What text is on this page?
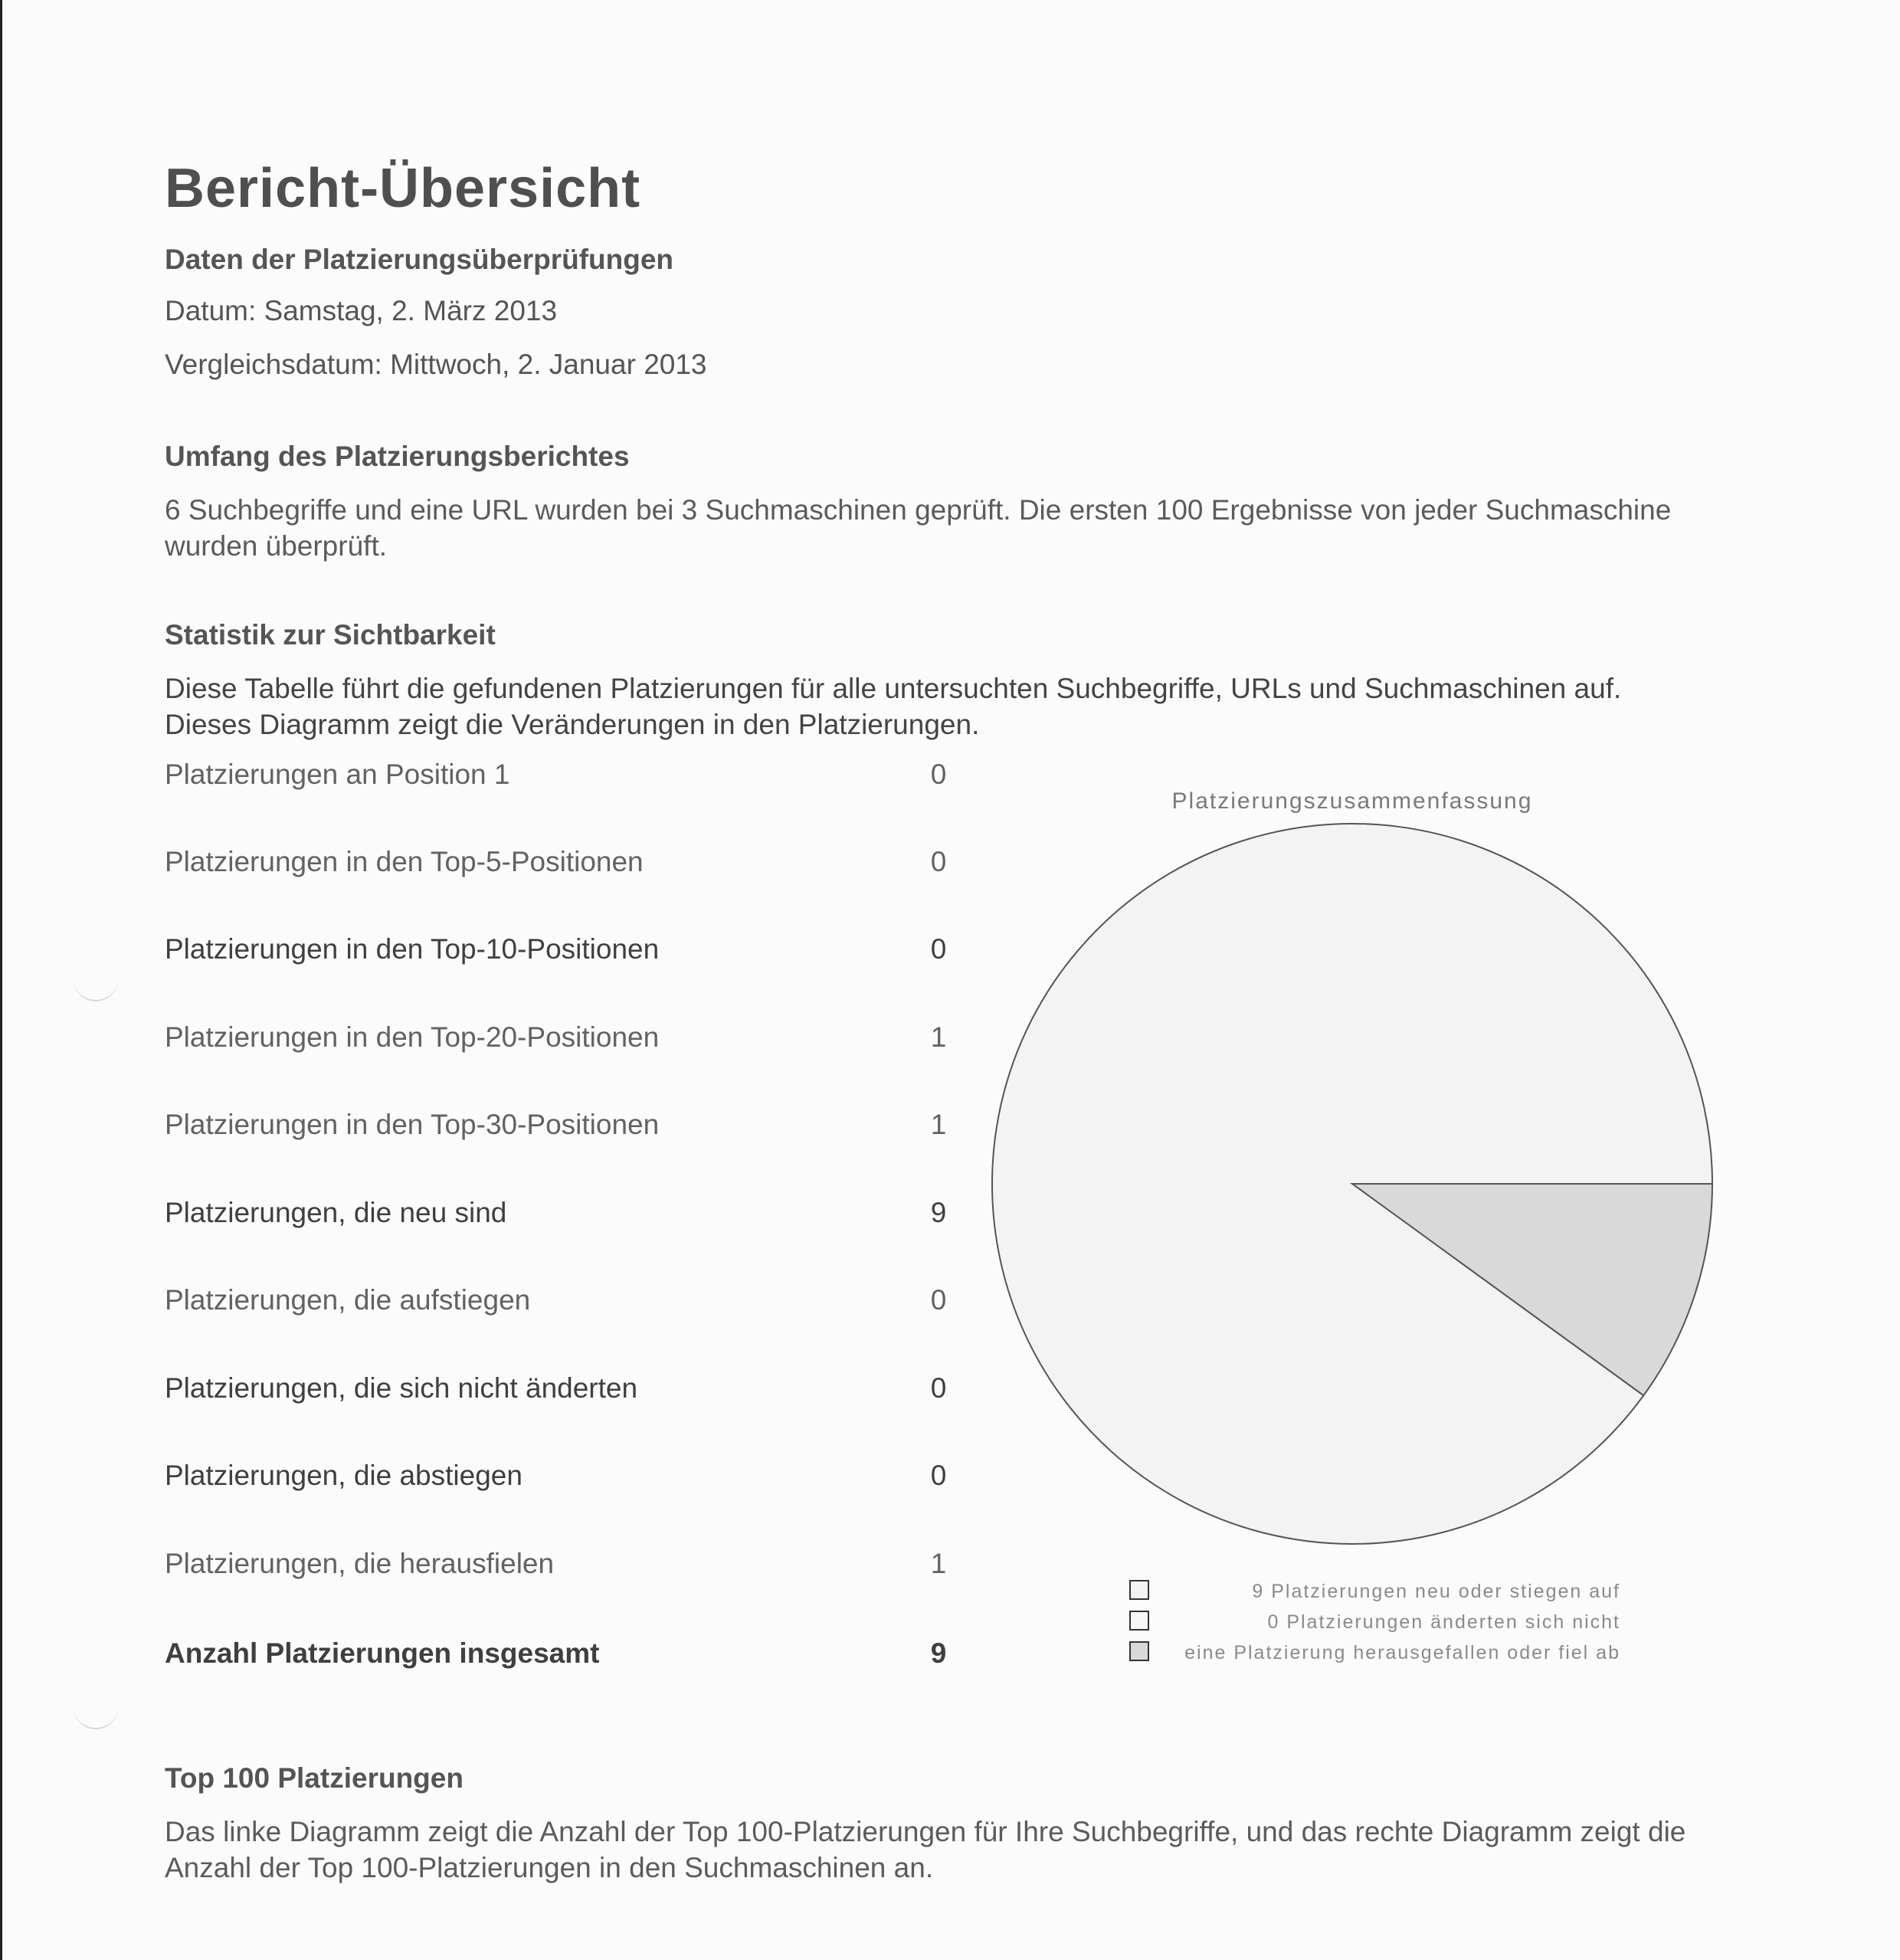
Bericht-Übersicht
Daten der Platzierungsüberprüfungen
Datum: Samstag, 2. März 2013
Vergleichsdatum: Mittwoch, 2. Januar 2013
Umfang des Platzierungsberichtes
6 Suchbegriffe und eine URL wurden bei 3 Suchmaschinen geprüft. Die ersten 100 Ergebnisse von jeder Suchmaschine wurden überprüft.
Statistik zur Sichtbarkeit
Diese Tabelle führt die gefundenen Platzierungen für alle untersuchten Suchbegriffe, URLs und Suchmaschinen auf. Dieses Diagramm zeigt die Veränderungen in den Platzierungen.
Platzierungen an Position 1	0
Platzierungen in den Top-5-Positionen	0
Platzierungen in den Top-10-Positionen	0
Platzierungen in den Top-20-Positionen	1
Platzierungen in den Top-30-Positionen	1
Platzierungen, die neu sind	9
Platzierungen, die aufstiegen	0
Platzierungen, die sich nicht änderten	0
Platzierungen, die abstiegen	0
Platzierungen, die herausfielen	1
Anzahl Platzierungen insgesamt	9
Platzierungszusammenfassung
9 Platzierungen neu oder stiegen auf
0 Platzierungen änderten sich nicht
eine Platzierung herausgefallen oder fiel ab
Top 100 Platzierungen
Das linke Diagramm zeigt die Anzahl der Top 100-Platzierungen für Ihre Suchbegriffe, und das rechte Diagramm zeigt die Anzahl der Top 100-Platzierungen in den Suchmaschinen an.
